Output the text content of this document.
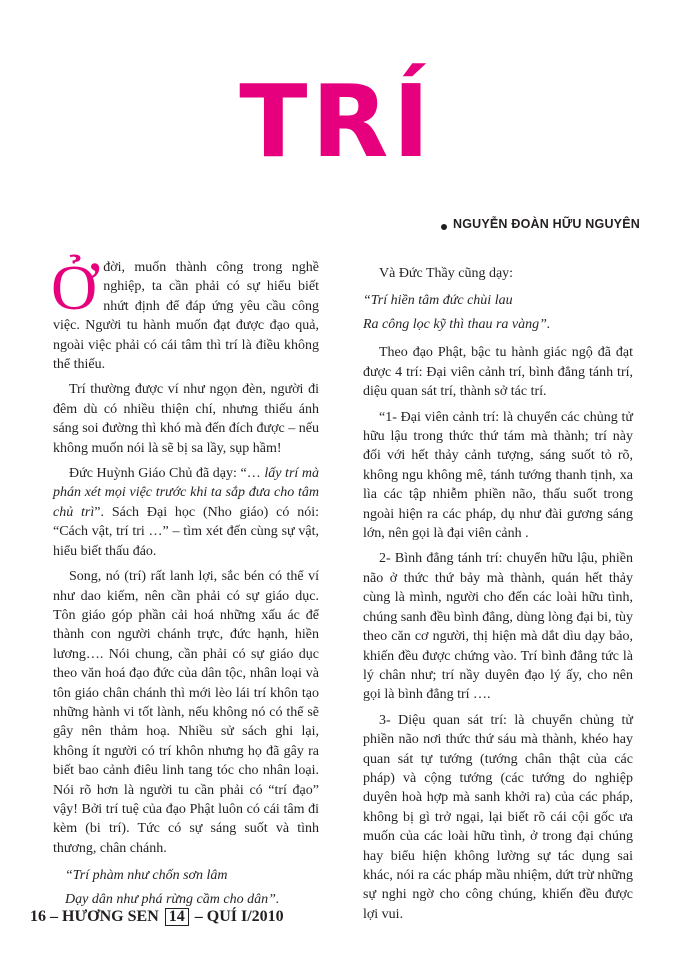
TRÍ
NGUYỄN ĐOÀN HỮU NGUYÊN

Ởđời, muốn thành công trong nghề nghiệp, ta cần phải có sự hiểu biết nhứt định để đáp ứng yêu cầu công việc. Người tu hành muốn đạt được đạo quả, ngoài việc phải có cái tâm thì trí là điều không thể thiếu.

Trí thường được ví như ngọn đèn, người đi đêm dù có nhiều thiện chí, nhưng thiếu ánh sáng soi đường thì khó mà đến đích được – nếu không muốn nói là sẽ bị sa lầy, sụp hầm!

Đức Huỳnh Giáo Chủ đã dạy: “… lấy trí mà phán xét mọi việc trước khi ta sắp đưa cho tâm chủ trì”. Sách Đại học (Nho giáo) có nói: “Cách vật, trí tri …” – tìm xét đến cùng sự vật, hiểu biết thấu đáo.

Song, nó (trí) rất lanh lợi, sắc bén có thể ví như dao kiếm, nên cần phải có sự giáo dục. Tôn giáo góp phần cải hoá những xấu ác để thành con người chánh trực, đức hạnh, hiền lương…. Nói chung, cần phải có sự giáo dục theo văn hoá đạo đức của dân tộc, nhân loại và tôn giáo chân chánh thì mới lèo lái trí khôn tạo những hành vi tốt lành, nếu không nó có thể sẽ gây nên thảm hoạ. Nhiều sử sách ghi lại, không ít người có trí khôn nhưng họ đã gây ra biết bao cảnh điêu linh tang tóc cho nhân loại. Nói rõ hơn là người tu cần phải có “trí đạo” vậy! Bởi trí tuệ của đạo Phật luôn có cái tâm đi kèm (bi trí). Tức có sự sáng suốt và tình thương, chân chánh.

“Trí phàm như chốn sơn lâm

Dạy dân như phá rừng cầm cho dân”.

Và Đức Thầy cũng dạy:

“Trí hiền tâm đức chùi lau

Ra công lọc kỹ thì thau ra vàng”.

Theo đạo Phật, bậc tu hành giác ngộ đã đạt được 4 trí: Đại viên cảnh trí, bình đẳng tánh trí, diệu quan sát trí, thành sở tác trí.

“1- Đại viên cảnh trí: là chuyển các chủng tử hữu lậu trong thức thứ tám mà thành; trí này đối với hết thảy cảnh tượng, sáng suốt tỏ rõ, không ngu không mê, tánh tướng thanh tịnh, xa lìa các tập nhiễm phiền não, thấu suốt trong ngoài hiện ra các pháp, dụ như đài gương sáng lớn, nên gọi là đại viên cảnh .

2- Bình đẳng tánh trí: chuyển hữu lậu, phiền não ở thức thứ bảy mà thành, quán hết thảy cùng là mình, người cho đến các loài hữu tình, chúng sanh đều bình đẳng, dùng lòng đại bi, tùy theo căn cơ người, thị hiện mà dắt dìu dạy bảo, khiến đều được chứng vào. Trí bình đẳng tức là lý chân như; trí nầy duyên đạo lý ấy, cho nên gọi là bình đẳng trí ….

3- Diệu quan sát trí: là chuyển chủng tử phiền não nơi thức thứ sáu mà thành, khéo hay quan sát tự tướng (tướng chân thật của các pháp) và cộng tướng (các tướng do nghiệp duyên hoà hợp mà sanh khởi ra) của các pháp, không bị gì trở ngại, lại biết rõ cái cội gốc ưa muốn của các loài hữu tình, ở trong đại chúng hay biểu hiện không lường sự tác dụng sai khác, nói ra các pháp mầu nhiệm, dứt trừ những sự nghi ngờ cho công chúng, khiến đều được lợi vui.

16 – HƯƠNG SEN 14 – QUÍ I/2010
